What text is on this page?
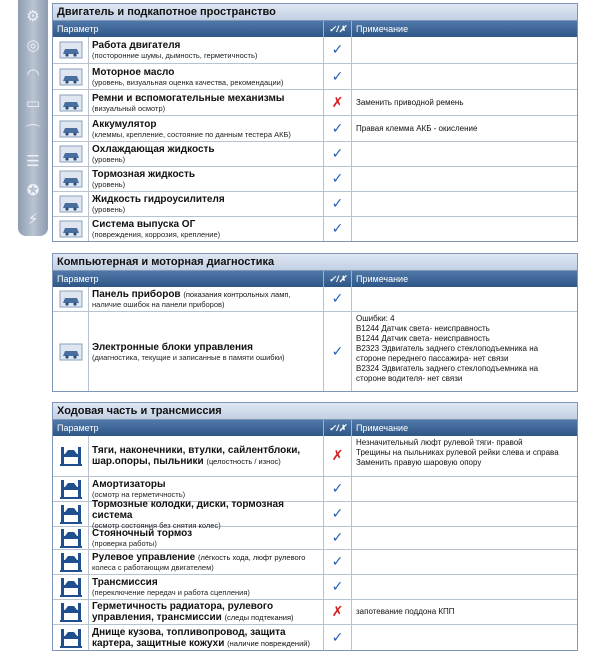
⚙
◎
◠
▭
⌒
☰
✪
⚡
Двигатель и подкапотное пространство
Параметр	✓/✗	Примечание
Работа двигателя
(посторонние шумы, дымность, герметичность)	✓
Моторное масло
(уровень, визуальная оценка качества, рекомендации)	✓
Ремни и вспомогательные механизмы
(визуальный осмотр)	✗	Заменить приводной ремень
Аккумулятор
(клеммы, крепление, состояние по данным тестера АКБ)	✓	Правая клемма АКБ - окисление
Охлаждающая жидкость
(уровень)	✓
Тормозная жидкость
(уровень)	✓
Жидкость гидроусилителя
(уровень)	✓
Система выпуска ОГ
(повреждения, коррозия, крепление)	✓
Компьютерная и моторная диагностика
Параметр	✓/✗	Примечание
Панель приборов (показания контрольных ламп,
наличие ошибок на панели приборов)	✓
Электронные блоки управления
(диагностика, текущие и записанные в памяти ошибки)	✓
Ошибки: 4
B1244 Датчик света- неисправность
B1244 Датчик света- неисправность
B2323 Эдвигатель заднего стеклоподъемника на
стороне переднего пассажира- нет связи
B2324 Эдвигатель заднего стеклоподъемника на
стороне водителя- нет связи
Ходовая часть и трансмиссия
Параметр	✓/✗	Примечание
Тяги, наконечники, втулки, сайлентблоки,
шар.опоры, пыльники (целостность / износ)	✗
Незначительный люфт рулевой тяги- правой
Трещины на пыльниках рулевой рейки слева и справа
Заменить правую шаровую опору
Амортизаторы
(осмотр на герметичность)	✓
Тормозные колодки, диски, тормозная система
(осмотр состояния без снятия колес)
✓
Стояночный тормоз
(проверка работы)	✓
Рулевое управление (лёгкость хода, люфт рулевого
колеса с работающим двигателем)	✓
Трансмиссия
(переключение передач и работа сцепления)	✓
Герметичность радиатора, рулевого
управления, трансмиссии (следы подтекания)	✗	запотевание поддона КПП
Днище кузова, топливопровод, защита
картера, защитные кожухи (наличие повреждений)	✓
